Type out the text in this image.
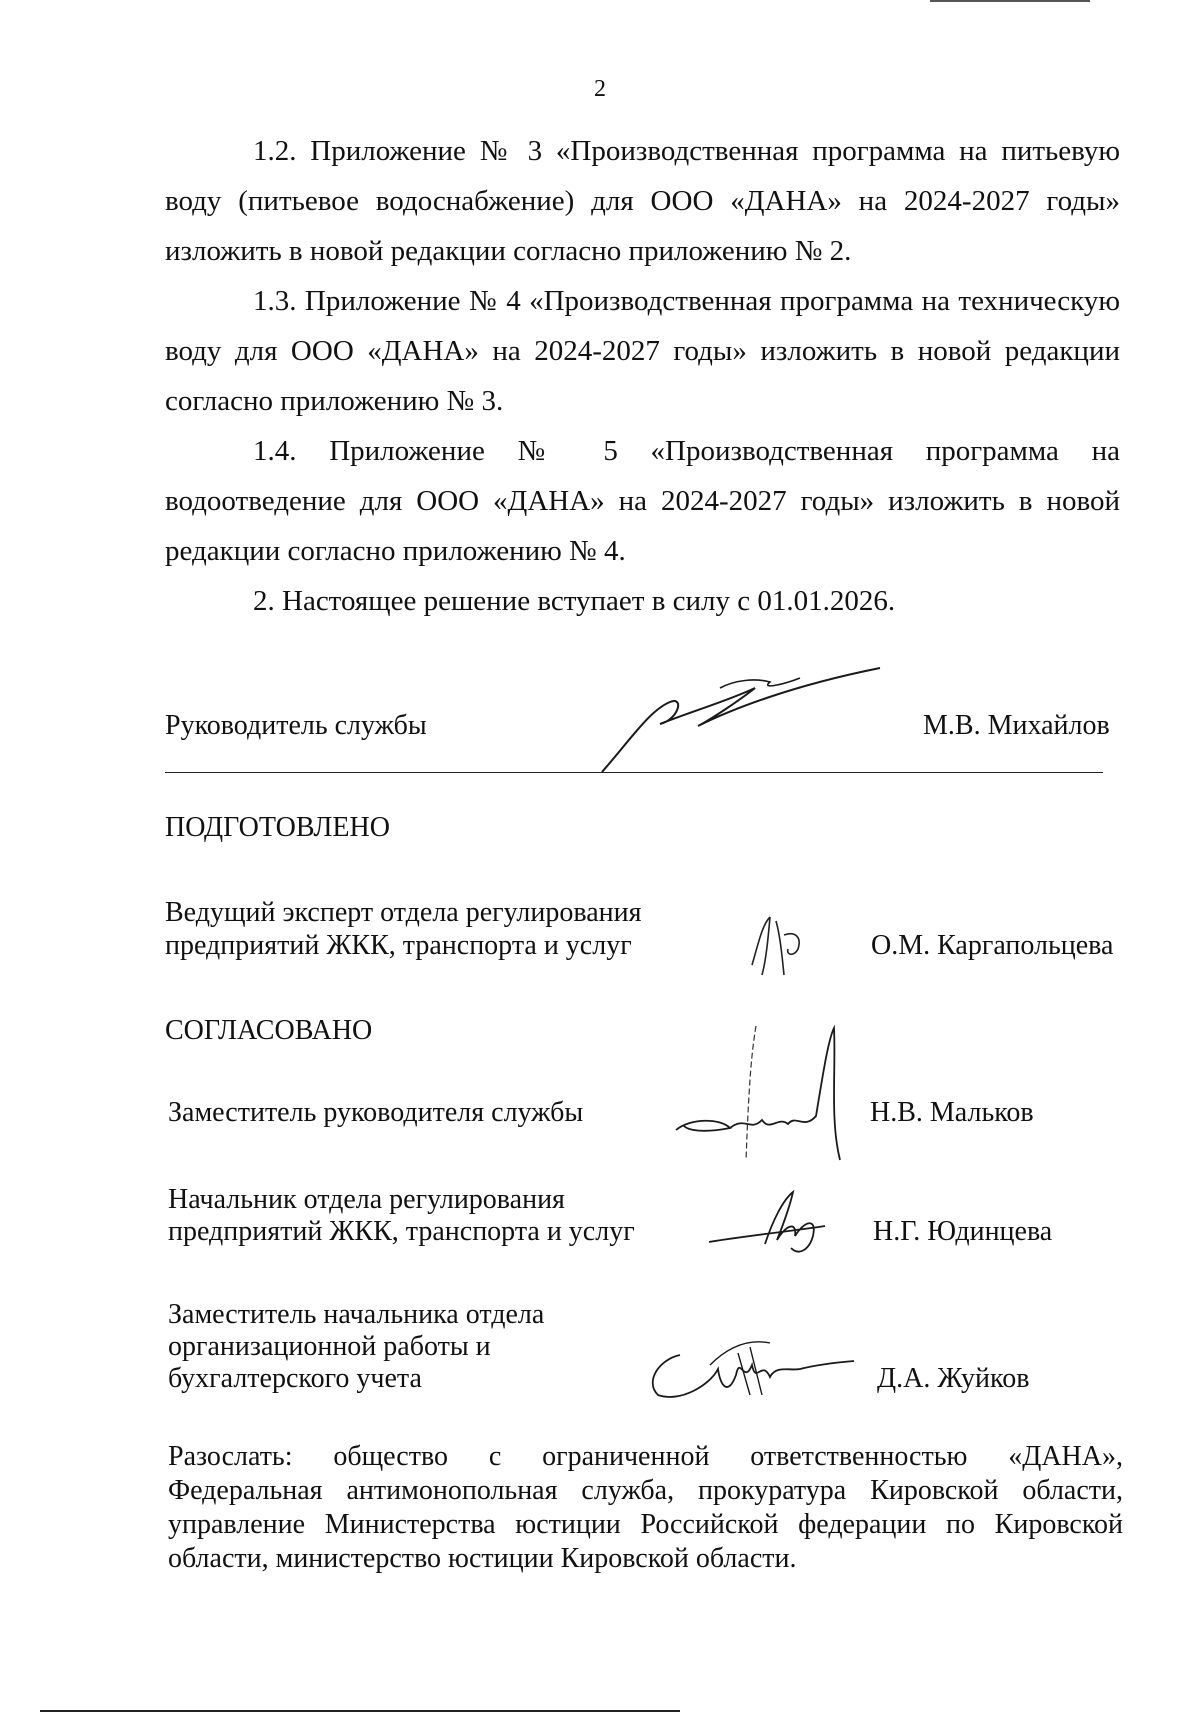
2
1.2. Приложение № 3 «Производственная программа на питьевую воду (питьевое водоснабжение) для ООО «ДАНА» на 2024-2027 годы» изложить в новой редакции согласно приложению № 2.
1.3. Приложение № 4 «Производственная программа на техническую воду для ООО «ДАНА» на 2024-2027 годы» изложить в новой редакции согласно приложению № 3.
1.4. Приложение № 5 «Производственная программа на водоотведение для ООО «ДАНА» на 2024-2027 годы» изложить в новой редакции согласно приложению № 4.
2. Настоящее решение вступает в силу с 01.01.2026.
Руководитель службы	М.В. Михайлов
ПОДГОТОВЛЕНО
Ведущий эксперт отдела регулирования
предприятий ЖКК, транспорта и услуг	О.М. Каргапольцева
СОГЛАСОВАНО
Заместитель руководителя службы	Н.В. Мальков
Начальник отдела регулирования
предприятий ЖКК, транспорта и услуг	Н.Г. Юдинцева
Заместитель начальника отдела
организационной работы и
бухгалтерского учета	Д.А. Жуйков
Разослать: общество с ограниченной ответственностью «ДАНА»,
Федеральная антимонопольная служба, прокуратура Кировской области, управление Министерства юстиции Российской федерации по Кировской области, министерство юстиции Кировской области.
